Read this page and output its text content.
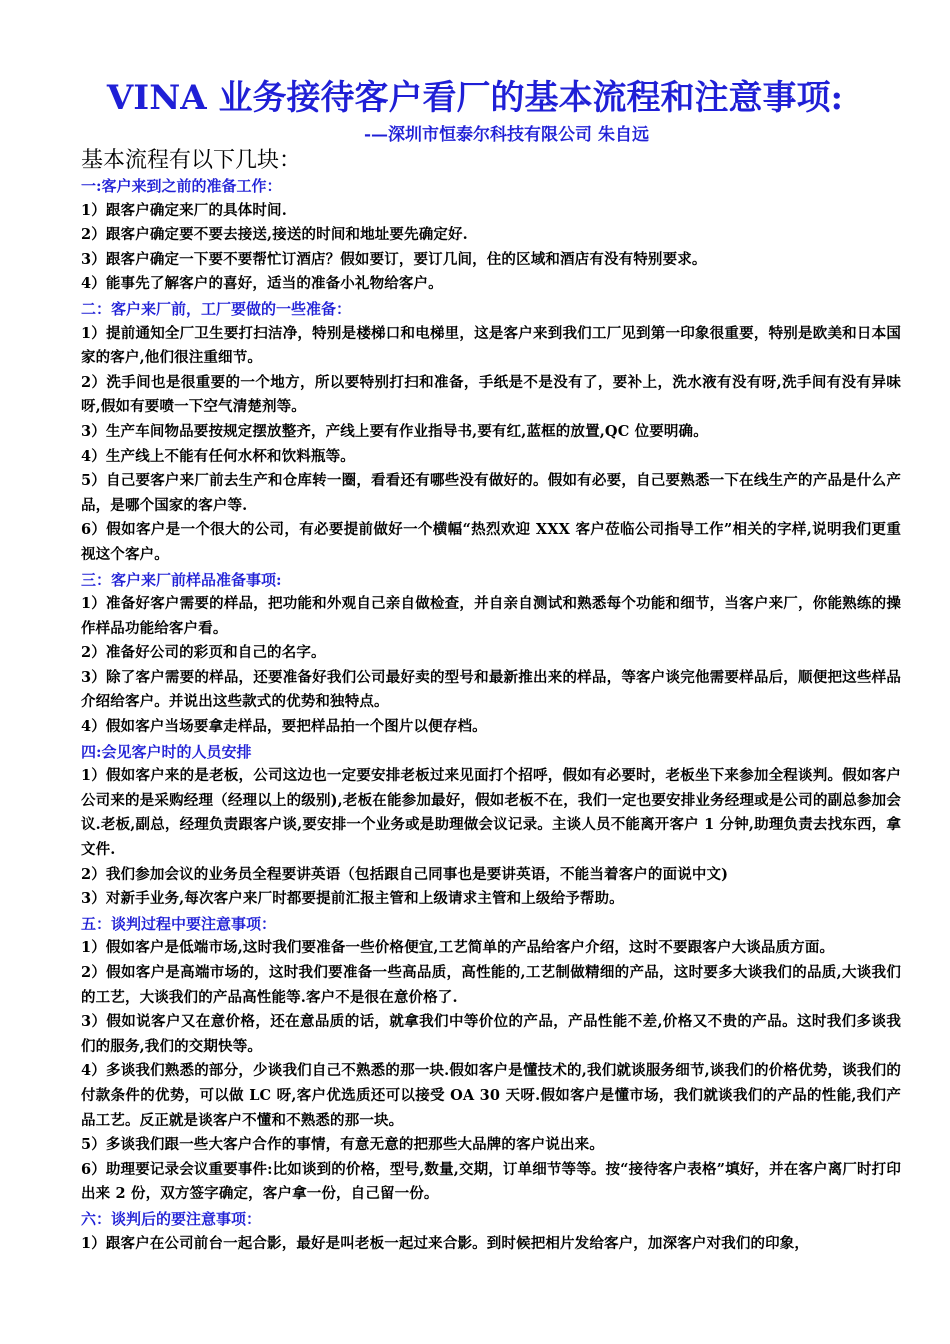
VINA 业务接待客户看厂的基本流程和注意事项:
-—深圳市恒泰尔科技有限公司 朱自远
基本流程有以下几块：
一:客户来到之前的准备工作：
1）跟客户确定来厂的具体时间.
2）跟客户确定要不要去接送,接送的时间和地址要先确定好.
3）跟客户确定一下要不要帮忙订酒店？假如要订，要订几间，住的区域和酒店有没有特别要求。
4）能事先了解客户的喜好，适当的准备小礼物给客户。
二：客户来厂前，工厂要做的一些准备：
1）提前通知全厂卫生要打扫洁净，特别是楼梯口和电梯里，这是客户来到我们工厂见到第一印象很重要，特别是欧美和日本国家的客户,他们很注重细节。
2）洗手间也是很重要的一个地方，所以要特别打扫和准备，手纸是不是没有了，要补上，洗水液有没有呀,洗手间有没有异味呀,假如有要喷一下空气清楚剂等。
3）生产车间物品要按规定摆放整齐，产线上要有作业指导书,要有红,蓝框的放置,QC 位要明确。
4）生产线上不能有任何水杯和饮料瓶等。
5）自己要客户来厂前去生产和仓库转一圈，看看还有哪些没有做好的。假如有必要，自己要熟悉一下在线生产的产品是什么产品，是哪个国家的客户等.
6）假如客户是一个很大的公司，有必要提前做好一个横幅“热烈欢迎 XXX 客户莅临公司指导工作”相关的字样,说明我们更重视这个客户。
三：客户来厂前样品准备事项:
1）准备好客户需要的样品，把功能和外观自己亲自做检查，并自亲自测试和熟悉每个功能和细节，当客户来厂，你能熟练的操作样品功能给客户看。
2）准备好公司的彩页和自己的名字。
3）除了客户需要的样品，还要准备好我们公司最好卖的型号和最新推出来的样品，等客户谈完他需要样品后，顺便把这些样品介绍给客户。并说出这些款式的优势和独特点。
4）假如客户当场要拿走样品，要把样品拍一个图片以便存档。
四:会见客户时的人员安排
1）假如客户来的是老板，公司这边也一定要安排老板过来见面打个招呼，假如有必要时，老板坐下来参加全程谈判。假如客户公司来的是采购经理（经理以上的级别),老板在能参加最好，假如老板不在，我们一定也要安排业务经理或是公司的副总参加会议.老板,副总，经理负责跟客户谈,要安排一个业务或是助理做会议记录。主谈人员不能离开客户 1 分钟,助理负责去找东西，拿文件.
2）我们参加会议的业务员全程要讲英语（包括跟自己同事也是要讲英语，不能当着客户的面说中文)
3）对新手业务,每次客户来厂时都要提前汇报主管和上级请求主管和上级给予帮助。
五：谈判过程中要注意事项：
1）假如客户是低端市场,这时我们要准备一些价格便宜,工艺简单的产品给客户介绍，这时不要跟客户大谈品质方面。
2）假如客户是高端市场的，这时我们要准备一些高品质，高性能的,工艺制做精细的产品，这时要多大谈我们的品质,大谈我们的工艺，大谈我们的产品高性能等.客户不是很在意价格了.
3）假如说客户又在意价格，还在意品质的话，就拿我们中等价位的产品，产品性能不差,价格又不贵的产品。这时我们多谈我们的服务,我们的交期快等。
4）多谈我们熟悉的部分，少谈我们自己不熟悉的那一块.假如客户是懂技术的,我们就谈服务细节,谈我们的价格优势，谈我们的付款条件的优势，可以做 LC 呀,客户优选质还可以接受 OA 30 天呀.假如客户是懂市场，我们就谈我们的产品的性能,我们产品工艺。反正就是谈客户不懂和不熟悉的那一块。
5）多谈我们跟一些大客户合作的事情，有意无意的把那些大品牌的客户说出来。
6）助理要记录会议重要事件:比如谈到的价格，型号,数量,交期，订单细节等等。按“接待客户表格”填好，并在客户离厂时打印出来 2 份，双方签字确定，客户拿一份，自己留一份。
六：谈判后的要注意事项：
1）跟客户在公司前台一起合影，最好是叫老板一起过来合影。到时候把相片发给客户，加深客户对我们的印象，
